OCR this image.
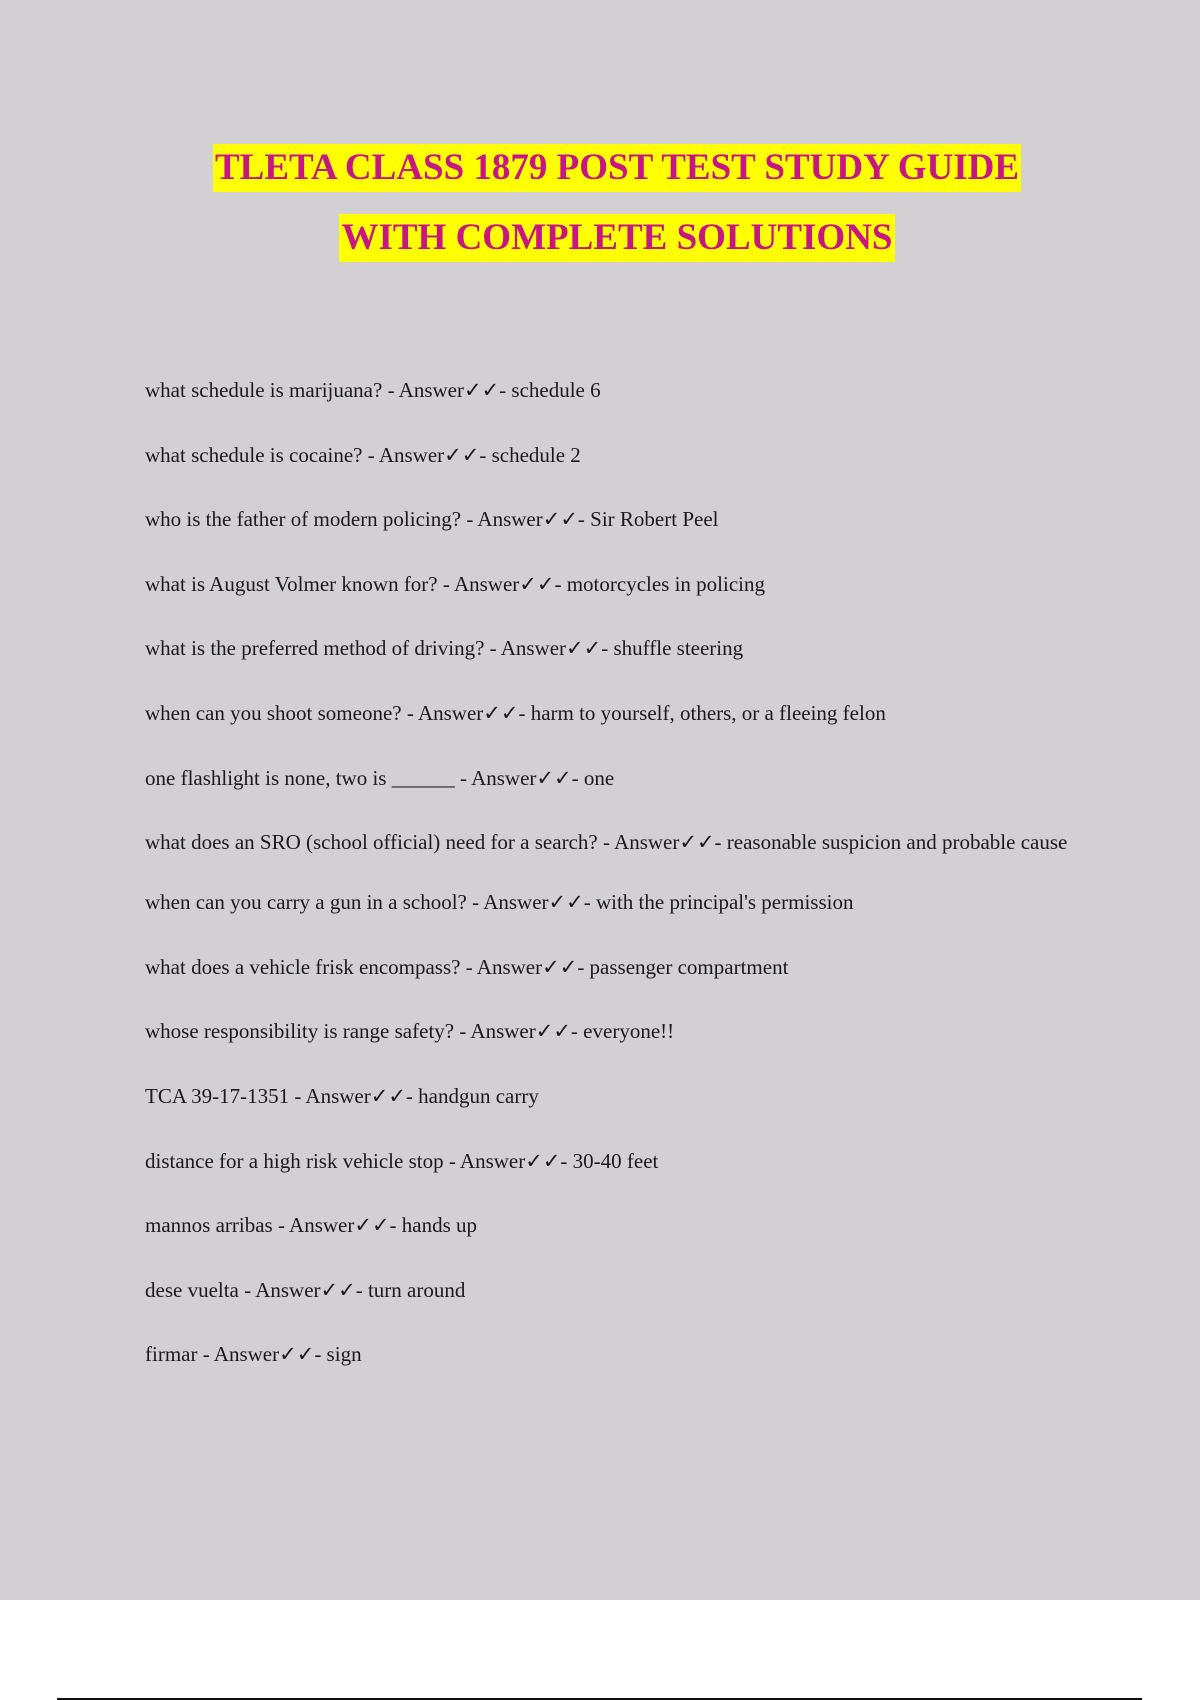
TLETA CLASS 1879 POST TEST STUDY GUIDE
WITH COMPLETE SOLUTIONS
what schedule is marijuana? - Answer✓✓- schedule 6
what schedule is cocaine? - Answer✓✓- schedule 2
who is the father of modern policing? - Answer✓✓- Sir Robert Peel
what is August Volmer known for? - Answer✓✓- motorcycles in policing
what is the preferred method of driving? - Answer✓✓- shuffle steering
when can you shoot someone? - Answer✓✓- harm to yourself, others, or a fleeing felon
one flashlight is none, two is ______ - Answer✓✓- one
what does an SRO (school official) need for a search? - Answer✓✓- reasonable suspicion and probable cause
when can you carry a gun in a school? - Answer✓✓- with the principal's permission
what does a vehicle frisk encompass? - Answer✓✓- passenger compartment
whose responsibility is range safety? - Answer✓✓- everyone!!
TCA 39-17-1351 - Answer✓✓- handgun carry
distance for a high risk vehicle stop - Answer✓✓- 30-40 feet
mannos arribas - Answer✓✓- hands up
dese vuelta - Answer✓✓- turn around
firmar - Answer✓✓- sign
